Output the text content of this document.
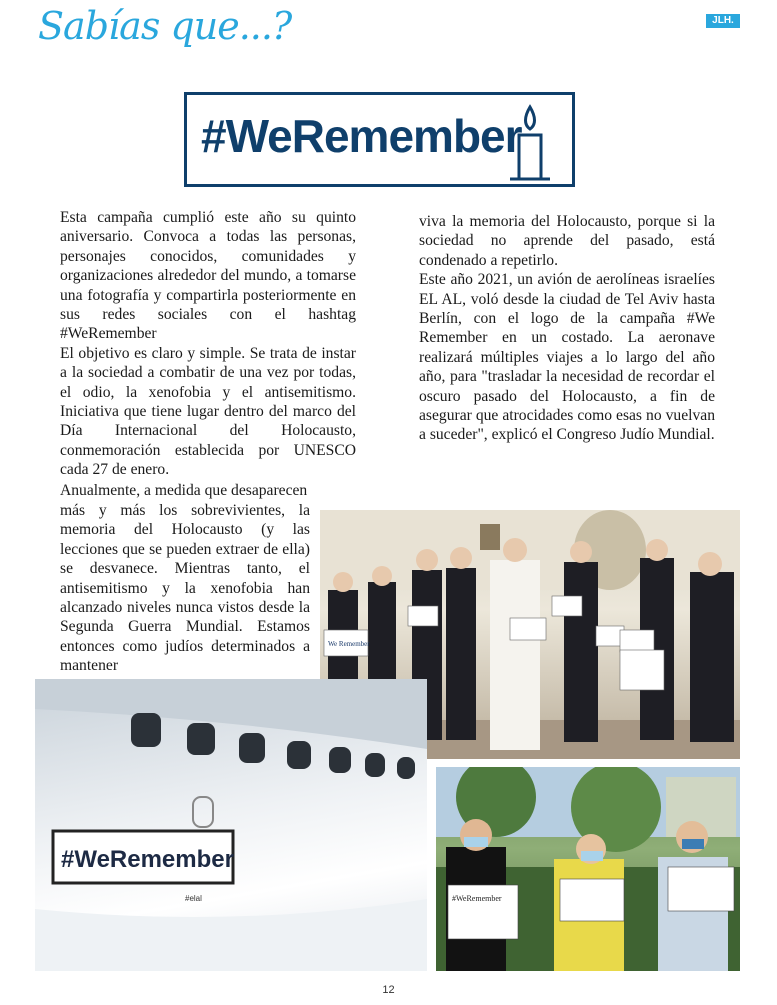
Sabías que...?	JLH.
#WeRemember

Esta campaña cumplió este año su quinto aniversario. Convoca a todas las personas, personajes conocidos, comunidades y organizaciones alrededor del mundo, a tomarse una fotografía y compartirla posteriormente en sus redes sociales con el hashtag #WeRemember

El objetivo es claro y simple. Se trata de instar a la sociedad a combatir de una vez por todas, el odio, la xenofobia y el antisemitismo. Iniciativa que tiene lugar dentro del marco del Día Internacional del Holocausto, conmemoración establecida por UNESCO cada 27 de enero.

Anualmente, a medida que desaparecen

más y más los sobrevivientes, la memoria del Holocausto (y las lecciones que se pueden extraer de ella) se desvanece. Mientras tanto, el antisemitismo y la xenofobia han alcanzado niveles nunca vistos desde la Segunda Guerra Mundial. Estamos entonces como judíos determinados a mantener

viva la memoria del Holocausto, porque si la sociedad no aprende del pasado, está condenado a repetirlo.

Este año 2021, un avión de aerolíneas israelíes EL AL, voló desde la ciudad de Tel Aviv hasta Berlín, con el logo de la campaña #We Remember en un costado. La aeronave realizará múltiples viajes a lo largo del año año, para "trasladar la necesidad de recordar el oscuro pasado del Holocausto, a fin de asegurar que atrocidades como esas no vuelvan a suceder", explicó el Congreso Judío Mundial.

We Remember
#WeRemember
#elal	#WeRemember
12
